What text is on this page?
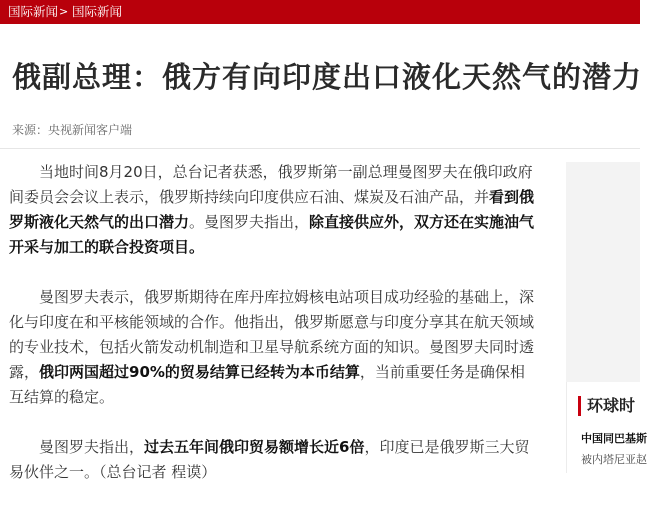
国际新闻 > 国际新闻
俄副总理：俄方有向印度出口液化天然气的潜力
来源：央视新闻客户端

当地时间8月20日，总台记者获悉，俄罗斯第一副总理曼图罗夫在俄印政府间委员会会议上表示，俄罗斯持续向印度供应石油、煤炭及石油产品，并看到俄罗斯液化天然气的出口潜力。曼图罗夫指出，除直接供应外，双方还在实施油气开采与加工的联合投资项目。

曼图罗夫表示，俄罗斯期待在库丹库拉姆核电站项目成功经验的基础上，深化与印度在和平核能领域的合作。他指出，俄罗斯愿意与印度分享其在航天领域的专业技术，包括火箭发动机制造和卫星导航系统方面的知识。曼图罗夫同时透露，俄印两国超过90%的贸易结算已经转为本币结算，当前重要任务是确保相互结算的稳定。

曼图罗夫指出，过去五年间俄印贸易额增长近6倍，印度已是俄罗斯三大贸易伙伴之一。（总台记者 程谟）

环球时
中国同巴基斯
被内塔尼亚赵
